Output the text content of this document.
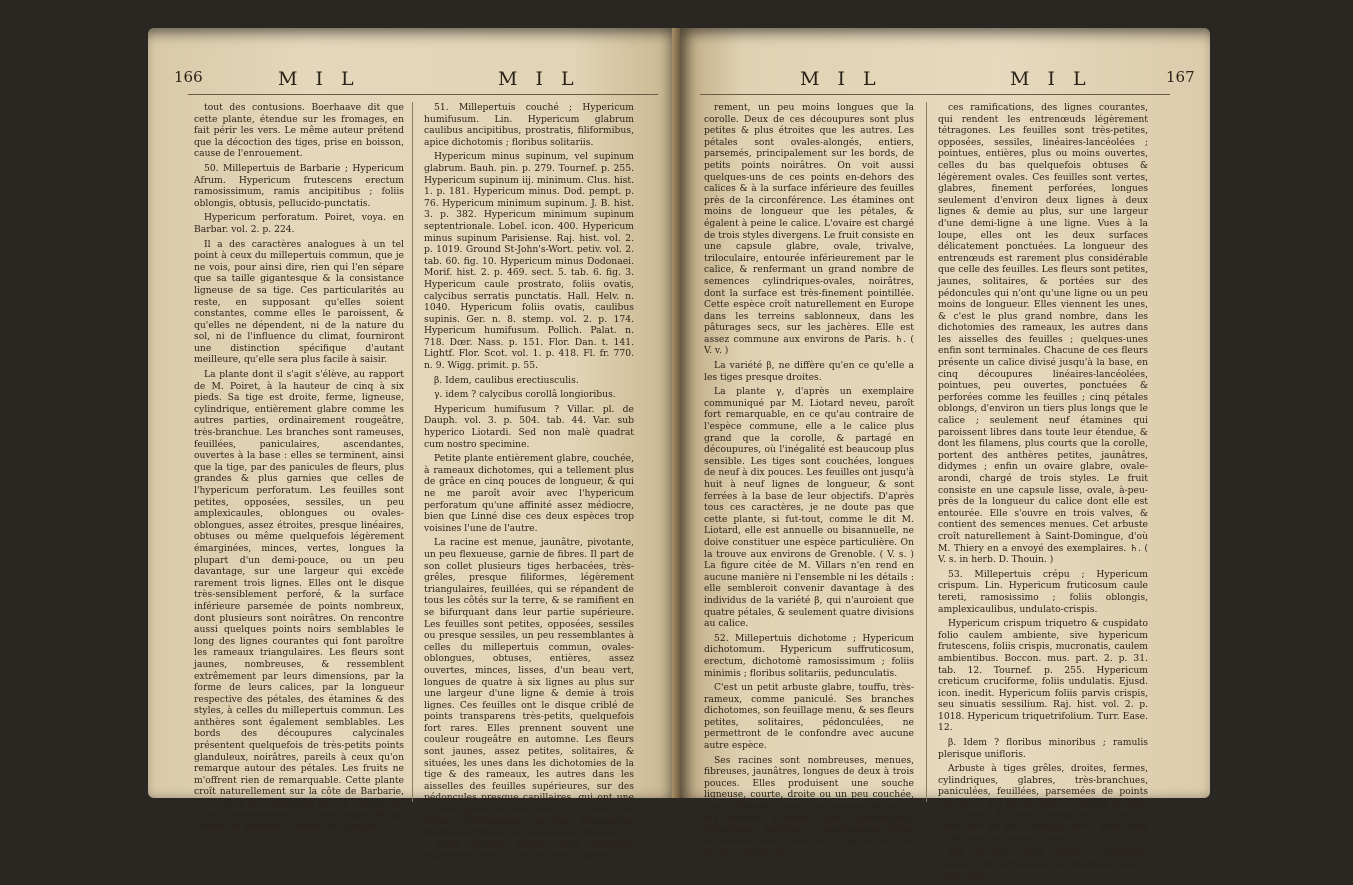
166	M I L	M I L

tout des contusions. Boerhaave dit que cette plante, étendue sur les fromages, en fait périr les vers. Le même auteur prétend que la décoction des tiges, prise en boisson, cause de l'enrouement.

50. Millepertuis de Barbarie ; Hypericum Afrum. Hypericum frutescens erectum ramosissimum, ramis ancipitibus ; foliis oblongis, obtusis, pellucido-punctatis.

Hypericum perforatum. Poiret, voya. en Barbar. vol. 2. p. 224.

Il a des caractères analogues à un tel point à ceux du millepertuis commun, que je ne vois, pour ainsi dire, rien qui l'en sépare que sa taille gigantesque & la consistance ligneuse de sa tige. Ces particularités au reste, en supposant qu'elles soient constantes, comme elles le paroissent, & qu'elles ne dépendent, ni de la nature du sol, ni de l'influence du climat, fourniront une distinction spécifique d'autant meilleure, qu'elle sera plus facile à saisir.

La plante dont il s'agit s'élève, au rapport de M. Poiret, à la hauteur de cinq à six pieds. Sa tige est droite, ferme, ligneuse, cylindrique, entièrement glabre comme les autres parties, ordinairement rougeâtre, très-branchue. Les branches sont rameuses, feuillées, paniculaires, ascendantes, ouvertes à la base : elles se terminent, ainsi que la tige, par des panicules de fleurs, plus grandes & plus garnies que celles de l'hypericum perforatum. Les feuilles sont petites, opposées, sessiles, un peu amplexicaules, oblongues ou ovales-oblongues, assez étroites, presque linéaires, obtuses ou même quelquefois légèrement émarginées, minces, vertes, longues la plupart d'un demi-pouce, ou un peu davantage, sur une largeur qui excède rarement trois lignes. Elles ont le disque très-sensiblement perforé, & la surface inférieure parsemée de points nombreux, dont plusieurs sont noirâtres. On rencontre aussi quelques points noirs semblables le long des lignes courantes qui font paroître les rameaux triangulaires. Les fleurs sont jaunes, nombreuses, & ressemblent extrêmement par leurs dimensions, par la forme de leurs calices, par la longueur respective des pétales, des étamines & des styles, à celles du millepertuis commun. Les anthères sont également semblables. Les bords des découpures calycinales présentent quelquefois de très-petits points glanduleux, noirâtres, pareils à ceux qu'on remarque autour des pétales. Les fruits ne m'offrent rien de remarquable. Cette plante croît naturellement sur la côte de Barbarie, d'où elle a été rapportée par M. Poiret, qui m'en a communiqué un exemplaire. M. de Jussieu la possède colligée en Espagne. ♄. ( V. s. )

51. Millepertuis couché ; Hypericum humifusum. Lin. Hypericum glabrum caulibus ancipitibus, prostratis, filiformibus, apice dichotomis ; floribus solitariis.

Hypericum minus supinum, vel supinum glabrum. Bauh. pin. p. 279. Tournef. p. 255. Hypericum supinum iij. minimum. Clus. hist. 1. p. 181. Hypericum minus. Dod. pempt. p. 76. Hypericum minimum supinum. J. B. hist. 3. p. 382. Hypericum minimum supinum septentrionale. Lobel. icon. 400. Hypericum minus supinum Parisiense. Raj. hist. vol. 2. p. 1019. Ground St-John's-Wort. petiv. vol. 2. tab. 60. fig. 10. Hypericum minus Dodonaei. Morif. hist. 2. p. 469. sect. 5. tab. 6. fig. 3. Hypericum caule prostrato, foliis ovatis, calycibus serratis punctatis. Hall. Helv. n. 1040. Hypericum foliis ovatis, caulibus supinis. Ger. n. 8. stemp. vol. 2. p. 174. Hypericum humifusum. Pollich. Palat. n. 718. Dœr. Nass. p. 151. Flor. Dan. t. 141. Lightf. Flor. Scot. vol. 1. p. 418. Fl. fr. 770. n. 9. Wigg. primit. p. 55.

β. Idem, caulibus erectiusculis.

γ. idem ? calycibus corollâ longioribus.

Hypericum humifusum ? Villar. pl. de Dauph. vol. 3. p. 504. tab. 44. Var. sub hyperico Liotardi. Sed non malè quadrat cum nostro specimine.

Petite plante entièrement glabre, couchée, à rameaux dichotomes, qui a tellement plus de grâce en cinq pouces de longueur, & qui ne me paroît avoir avec l'hypericum perforatum qu'une affinité assez médiocre, bien que Linné dise ces deux espèces trop voisines l'une de l'autre.

La racine est menue, jaunâtre, pivotante, un peu flexueuse, garnie de fibres. Il part de son collet plusieurs tiges herbacées, très-grêles, presque filiformes, légèrement triangulaires, feuillées, qui se répandent de tous les côtés sur la terre, & se ramifient en se bifurquant dans leur partie supérieure. Les feuilles sont petites, opposées, sessiles ou presque sessiles, un peu ressemblantes à celles du millepertuis commun, ovales-oblongues, obtuses, entières, assez ouvertes, minces, lisses, d'un beau vert, longues de quatre à six lignes au plus sur une largeur d'une ligne & demie à trois lignes. Ces feuilles ont le disque criblé de points transparens très-petits, quelquefois fort rares. Elles prennent souvent une couleur rougeâtre en automne. Les fleurs sont jaunes, assez petites, solitaires, & situées, les unes dans les dichotomies de la tige & des rameaux, les autres dans les aisselles des feuilles supérieures, sur des pédoncules presque capillaires, qui ont une à trois lignes de longueur. Leur calice est divisé profondément en cinq découpures ovales-oblongues ou lancéolées, obtuses ou à peine pointues, glabres, pour l'ordinaire légèrement denticulées en scie supérieu-

M I L	M I L	167

rement, un peu moins longues que la corolle. Deux de ces découpures sont plus petites & plus étroites que les autres. Les pétales sont ovales-alongés, entiers, parsemés, principalement sur les bords, de petits points noirâtres. On voit aussi quelques-uns de ces points en-dehors des calices & à la surface inférieure des feuilles près de la circonférence. Les étamines ont moins de longueur que les pétales, & égalent à peine le calice. L'ovaire est chargé de trois styles divergens. Le fruit consiste en une capsule glabre, ovale, trivalve, triloculaire, entourée inférieurement par le calice, & renfermant un grand nombre de semences cylindriques-ovales, noirâtres, dont la surface est très-finement pointillée. Cette espèce croît naturellement en Europe dans les terreins sablonneux, dans les pâturages secs, sur les jachères. Elle est assez commune aux environs de Paris. ♄. ( V. v. )

La variété β, ne diffère qu'en ce qu'elle a les tiges presque droites.

La plante γ, d'après un exemplaire communiqué par M. Liotard neveu, paroît fort remarquable, en ce qu'au contraire de l'espèce commune, elle a le calice plus grand que la corolle, & partagé en découpures, où l'inégalité est beaucoup plus sensible. Les tiges sont couchées, longues de neuf à dix pouces. Les feuilles ont jusqu'à huit à neuf lignes de longueur, & sont ferrées à la base de leur objectifs. D'après tous ces caractères, je ne doute pas que cette plante, si fut-tout, comme le dit M. Liotard, elle est annuelle ou bisannuelle, ne doive constituer une espèce particulière. On la trouve aux environs de Grenoble. ( V. s. ) La figure citée de M. Villars n'en rend en aucune manière ni l'ensemble ni les détails : elle sembleroit convenir davantage à des individus de la variété β, qui n'auroient que quatre pétales, & seulement quatre divisions au calice.

52. Millepertuis dichotome ; Hypericum dichotomum. Hypericum suffruticosum, erectum, dichotomè ramosissimum ; foliis minimis ; floribus solitariis, pedunculatis.

C'est un petit arbuste glabre, touffu, très-rameux, comme paniculé. Ses branches dichotomes, son feuillage menu, & ses fleurs petites, solitaires, pédonculées, ne permettront de le confondre avec aucune autre espèce.

Ses racines sont nombreuses, menues, fibreuses, jaunâtres, longues de deux à trois pouces. Elles produisent une souche ligneuse, courte, droite ou un peu couchée, d'où s'élèvent, jusqu'à la hauteur de huit à dix pouces, plusieurs tiges cylindriques, dichotomes, feuillées, à ramifications grêles & médiocrement ouvertes. On apperçoit, sur les plus jeunes de

ces ramifications, des lignes courantes, qui rendent les entrenœuds légèrement tétragones. Les feuilles sont très-petites, opposées, sessiles, linéaires-lancéolées ; pointues, entières, plus ou moins ouvertes, celles du bas quelquefois obtuses & légèrement ovales. Ces feuilles sont vertes, glabres, finement perforées, longues seulement d'environ deux lignes à deux lignes & demie au plus, sur une largeur d'une demi-ligne à une ligne. Vues à la loupe, elles ont les deux surfaces délicatement ponctuées. La longueur des entrenœuds est rarement plus considérable que celle des feuilles. Les fleurs sont petites, jaunes, solitaires, & portées sur des pédoncules qui n'ont qu'une ligne ou un peu moins de longueur. Elles viennent les unes, & c'est le plus grand nombre, dans les dichotomies des rameaux, les autres dans les aisselles des feuilles ; quelques-unes enfin sont terminales. Chacune de ces fleurs présente un calice divisé jusqu'à la base, en cinq découpures linéaires-lancéolées, pointues, peu ouvertes, ponctuées & perforées comme les feuilles ; cinq pétales oblongs, d'environ un tiers plus longs que le calice ; seulement neuf étamines qui paroissent libres dans toute leur étendue, & dont les filamens, plus courts que la corolle, portent des anthères petites, jaunâtres, didymes ; enfin un ovaire glabre, ovale-arondi, chargé de trois styles. Le fruit consiste en une capsule lisse, ovale, à-peu-près de la longueur du calice dont elle est entourée. Elle s'ouvre en trois valves, & contient des semences menues. Cet arbuste croît naturellement à Saint-Domingue, d'où M. Thiery en a envoyé des exemplaires. ♄. ( V. s. in herb. D. Thouin. )

53. Millepertuis crépu ; Hypericum crispum. Lin. Hypericum fruticosum caule tereti, ramosissimo ; foliis oblongis, amplexicaulibus, undulato-crispis.

Hypericum crispum triquetro & cuspidato folio caulem ambiente, sive hypericum frutescens, foliis crispis, mucronatis, caulem ambientibus. Boccon. mus. part. 2. p. 31. tab. 12. Tournef. p. 255. Hypericum creticum cruciforme, foliis undulatis. Ejusd. icon. inedit. Hypericum foliis parvis crispis, seu sinuatis sessilium. Raj. hist. vol. 2. p. 1018. Hypericum triquetrifolium. Turr. Ease. 12.

β. Idem ? floribus minoribus ; ramulis plerisque unifloris.

Arbuste à tiges grêles, droites, fermes, cylindriques, glabres, très-branchues, paniculées, feuillées, parsemées de points noirâtres, qui paroît avoir au moins un pied à un pied & demi d'élévation, & que le caractère de son feuillage suffit pour faire distinguer au premier aspect.

Ses feuilles sont petites, opposées, sessiles, amplexicaules, ovales-oblongues, à peine poin-
